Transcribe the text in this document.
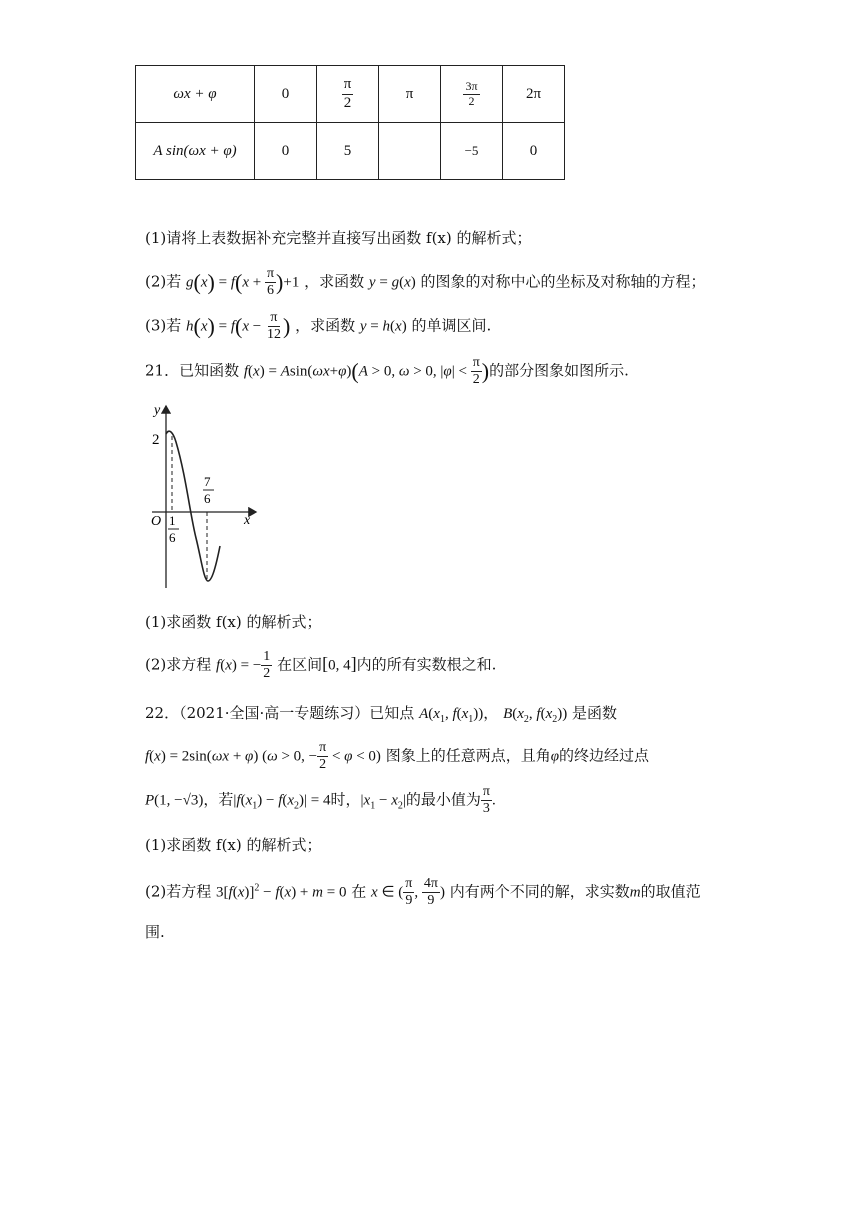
ωx + φ	0	$\frac{\pi}{2}$	π	$\frac{3\pi}{2}$	2π
A sin(ωx + φ)	0	5		−5	0
(1)请将上表数据补充完整并直接写出函数 f(x) 的解析式；
(2)若 $g(x) = f(x + \frac{\pi}{6} )+1$ ，求函数 y = g(x) 的图象的对称中心的坐标及对称轴的方程；
(3)若 $h(x) = f(x - \frac{\pi}{12}$ ) ，求函数 y = h(x) 的单调区间.
21．已知函数 f(x) = Asin(ωx+φ)(A > 0, ω > 0, $|\varphi| < \frac{\pi}{2}$ )的部分图象如图所示.
y
x
O
2
1
6
7
6
(1)求函数 f(x) 的解析式；
(2)求方程 f(x) = − $\frac{1}{2}$ 在区间[0, 4]内的所有实数根之和.
22．（2021·全国·高一专题练习）已知点 $A(x_1$, $f(x_1)$)， $B(x_2$, $f(x_2)$) 是函数
f(x) = 2sin(ωx + φ) (ω > 0, − $\frac{\pi}{2} < \varphi < 0$) 图象上的任意两点，且角φ的终边经过点
P(1, −√3)，若$|f(x_1) - f(x_2)| = 4$时，$|x_1 - x_2|$的最小值为 $\frac{\pi}{3}$ .
(1)求函数 f(x) 的解析式；
(2)若方程 $3[f(x)]^2 - f(x) + m = 0$ 在 x ∈ ( $\frac{\pi}{9}$ , $\frac{4\pi}{9}$ ) 内有两个不同的解，求实数m的取值范
围.
